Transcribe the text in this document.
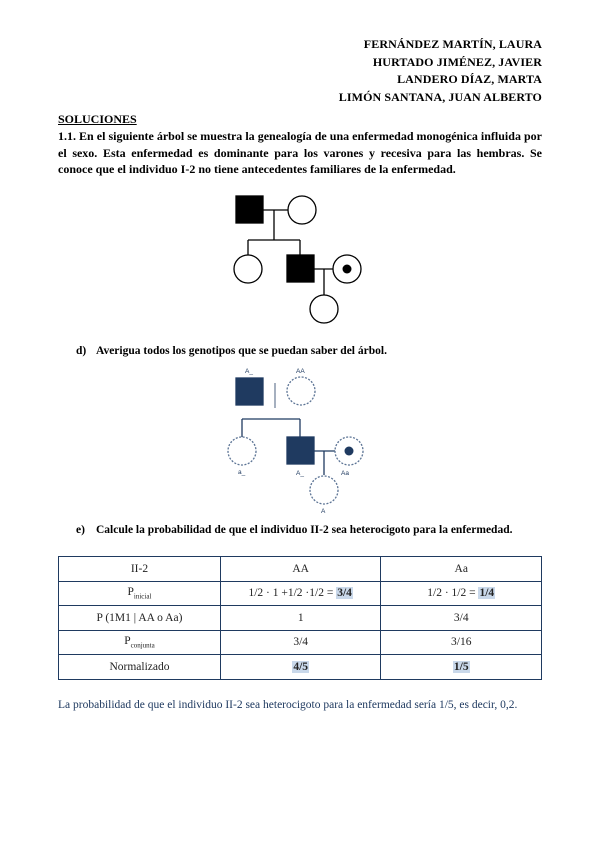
FERNÁNDEZ MARTÍN, LAURA
HURTADO JIMÉNEZ, JAVIER
LANDERO DÍAZ, MARTA
LIMÓN SANTANA, JUAN ALBERTO
SOLUCIONES
1.1. En el siguiente árbol se muestra la genealogía de una enfermedad monogénica influida por el sexo. Esta enfermedad es dominante para los varones y recesiva para las hembras. Se conoce que el individuo I-2 no tiene antecedentes familiares de la enfermedad.
A_	AA
a_	A_	Aa
A
d) Averigua todos los genotipos que se puedan saber del árbol.
e) Calcule la probabilidad de que el individuo II-2 sea heterocigoto para la enfermedad.
II-2	AA	Aa
$P_{inicial}$	1/2 · 1 +1/2 ·1/2 = 3/4	1/2 · 1/2 = 1/4
P (1M1 | AA o Aa)	1	3/4
$P_{conjunta}$	3/4	3/16
Normalizado	4/5	1/5
La probabilidad de que el individuo II-2 sea heterocigoto para la enfermedad sería 1/5, es decir, 0,2.
